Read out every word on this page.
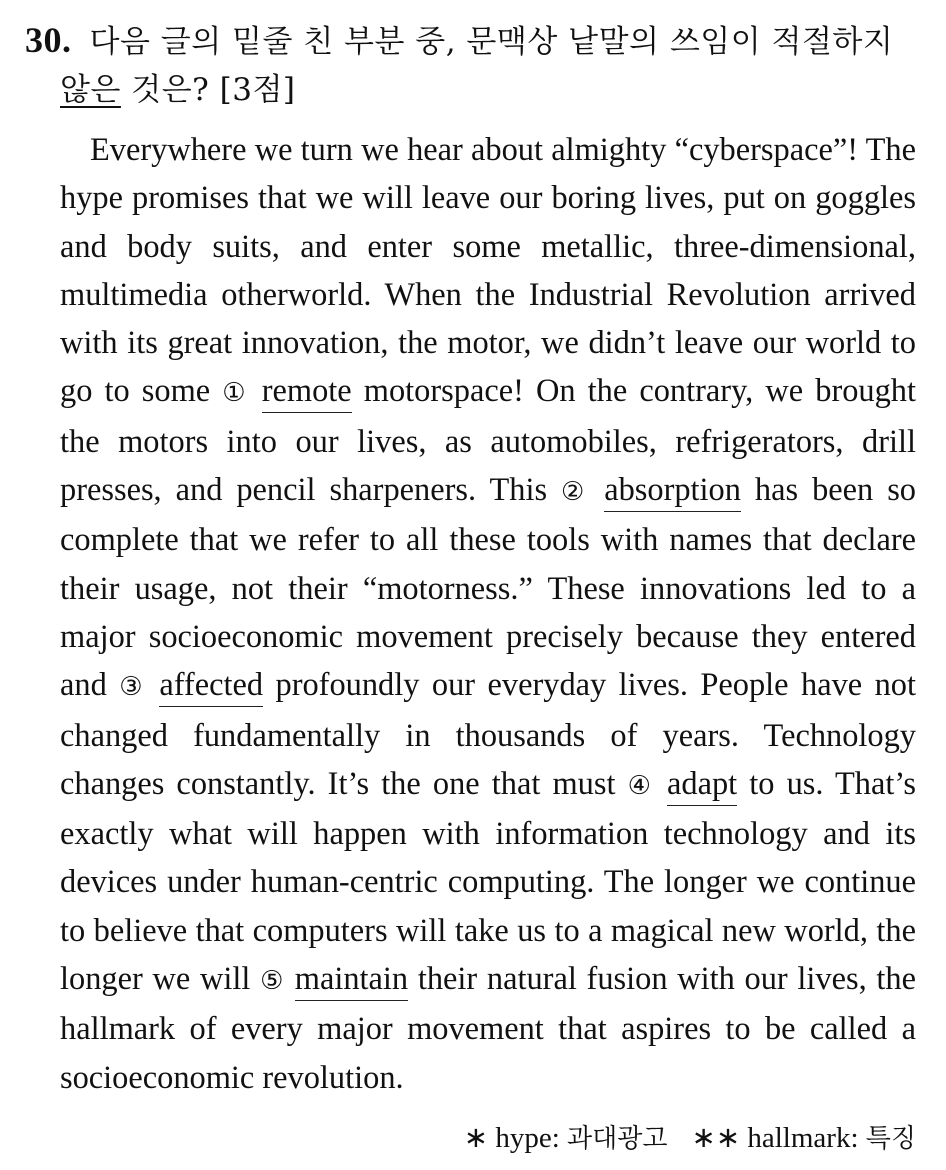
30. 다음 글의 밑줄 친 부분 중, 문맥상 낱말의 쓰임이 적절하지
않은 것은? [3점]

Everywhere we turn we hear about almighty “cyberspace”! The hype promises that we will leave our boring lives, put on goggles and body suits, and enter some metallic, three-dimensional, multimedia otherworld. When the Industrial Revolution arrived with its great innovation, the motor, we didn’t leave our world to go to some ① remote motorspace! On the contrary, we brought the motors into our lives, as automobiles, refrigerators, drill presses, and pencil sharpeners. This ② absorption has been so complete that we refer to all these tools with names that declare their usage, not their “motorness.” These innovations led to a major socioeconomic movement precisely because they entered and ③ affected profoundly our everyday lives. People have not changed fundamentally in thousands of years. Technology changes constantly. It’s the one that must ④ adapt to us. That’s exactly what will happen with information technology and its devices under human-centric computing. The longer we continue to believe that computers will take us to a magical new world, the longer we will ⑤ maintain their natural fusion with our lives, the hallmark of every major movement that aspires to be called a socioeconomic revolution.

∗ hype: 과대광고 ∗∗ hallmark: 특징
